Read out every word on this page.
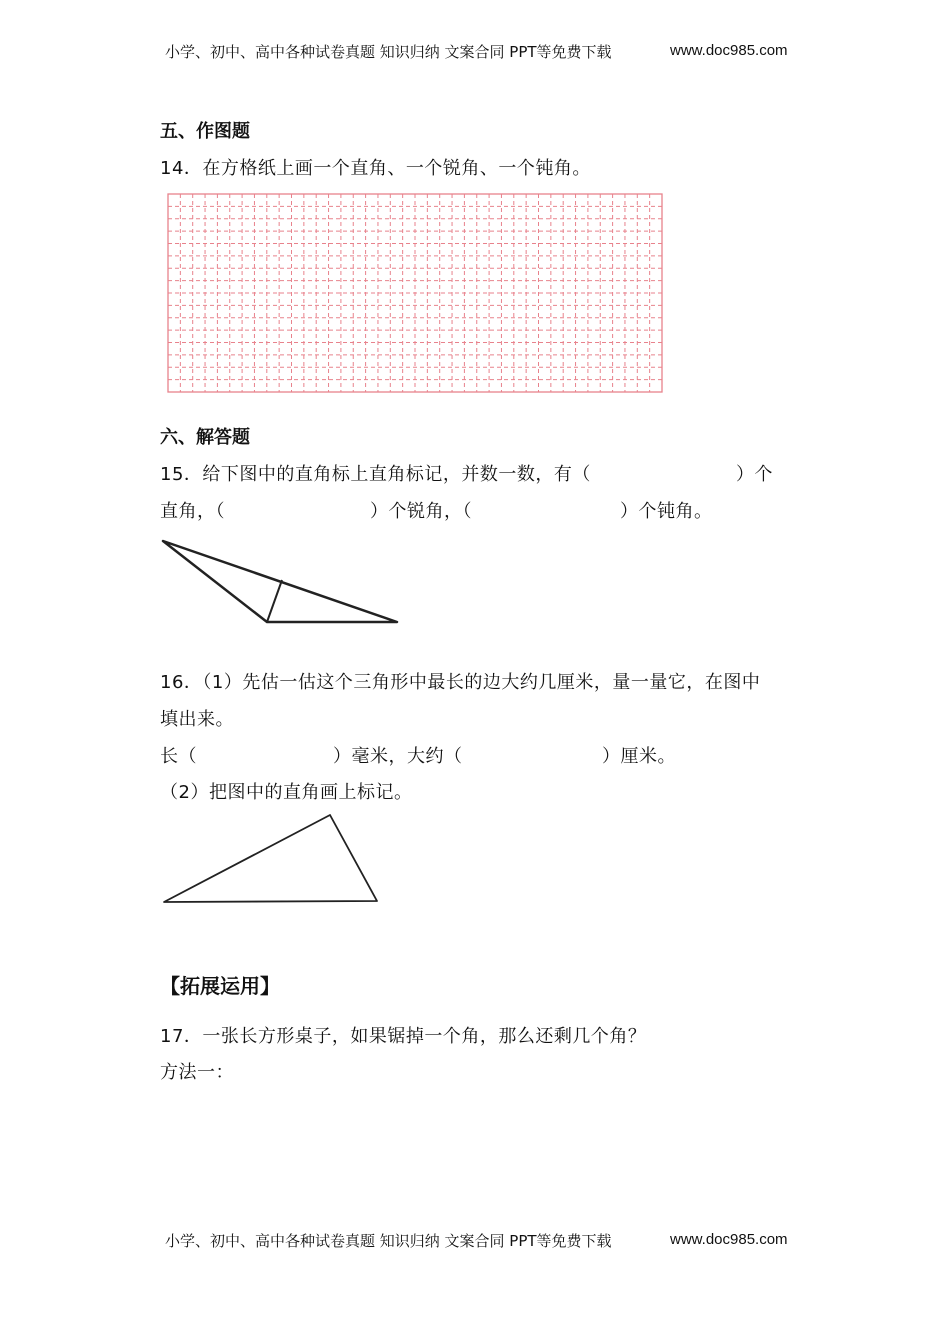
小学、初中、高中各种试卷真题 知识归纳 文案合同 PPT等免费下载	www.doc985.com
五、作图题
14．在方格纸上画一个直角、一个锐角、一个钝角。
六、解答题
15．给下图中的直角标上直角标记，并数一数，有（	）个
直角，（	）个锐角，（	）个钝角。
16．（1）先估一估这个三角形中最长的边大约几厘米，量一量它，在图中
填出来。
长（	）毫米，大约（	）厘米。
（2）把图中的直角画上标记。
【拓展运用】
17．一张长方形桌子，如果锯掉一个角，那么还剩几个角？
方法一：
小学、初中、高中各种试卷真题 知识归纳 文案合同 PPT等免费下载	www.doc985.com
